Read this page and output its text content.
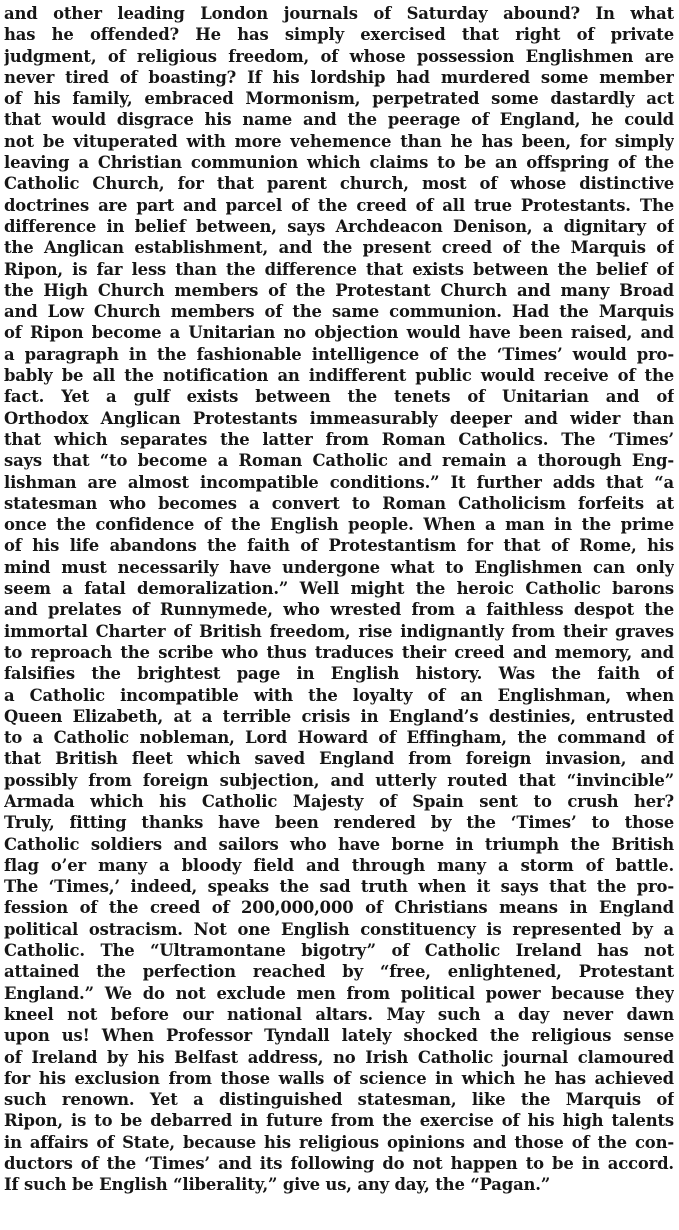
and other leading London journals of Saturday abound? In what
has he offended? He has simply exercised that right of private
judgment, of religious freedom, of whose possession Englishmen are
never tired of boasting? If his lordship had murdered some member
of his family, embraced Mormonism, perpetrated some dastardly act
that would disgrace his name and the peerage of England, he could
not be vituperated with more vehemence than he has been, for simply
leaving a Christian communion which claims to be an offspring of the
Catholic Church, for that parent church, most of whose distinctive
doctrines are part and parcel of the creed of all true Protestants. The
difference in belief between, says Archdeacon Denison, a dignitary of
the Anglican establishment, and the present creed of the Marquis of
Ripon, is far less than the difference that exists between the belief of
the High Church members of the Protestant Church and many Broad
and Low Church members of the same communion. Had the Marquis
of Ripon become a Unitarian no objection would have been raised, and
a paragraph in the fashionable intelligence of the ‘Times’ would pro-
bably be all the notification an indifferent public would receive of the
fact. Yet a gulf exists between the tenets of Unitarian and of
Orthodox Anglican Protestants immeasurably deeper and wider than
that which separates the latter from Roman Catholics. The ‘Times’
says that “to become a Roman Catholic and remain a thorough Eng-
lishman are almost incompatible conditions.” It further adds that “a
statesman who becomes a convert to Roman Catholicism forfeits at
once the confidence of the English people. When a man in the prime
of his life abandons the faith of Protestantism for that of Rome, his
mind must necessarily have undergone what to Englishmen can only
seem a fatal demoralization.” Well might the heroic Catholic barons
and prelates of Runnymede, who wrested from a faithless despot the
immortal Charter of British freedom, rise indignantly from their graves
to reproach the scribe who thus traduces their creed and memory, and
falsifies the brightest page in English history. Was the faith of
a Catholic incompatible with the loyalty of an Englishman, when
Queen Elizabeth, at a terrible crisis in England’s destinies, entrusted
to a Catholic nobleman, Lord Howard of Effingham, the command of
that British fleet which saved England from foreign invasion, and
possibly from foreign subjection, and utterly routed that “invincible”
Armada which his Catholic Majesty of Spain sent to crush her?
Truly, fitting thanks have been rendered by the ‘Times’ to those
Catholic soldiers and sailors who have borne in triumph the British
flag o’er many a bloody field and through many a storm of battle.
The ‘Times,’ indeed, speaks the sad truth when it says that the pro-
fession of the creed of 200,000,000 of Christians means in England
political ostracism. Not one English constituency is represented by a
Catholic. The “Ultramontane bigotry” of Catholic Ireland has not
attained the perfection reached by “free, enlightened, Protestant
England.” We do not exclude men from political power because they
kneel not before our national altars. May such a day never dawn
upon us! When Professor Tyndall lately shocked the religious sense
of Ireland by his Belfast address, no Irish Catholic journal clamoured
for his exclusion from those walls of science in which he has achieved
such renown. Yet a distinguished statesman, like the Marquis of
Ripon, is to be debarred in future from the exercise of his high talents
in affairs of State, because his religious opinions and those of the con-
ductors of the ‘Times’ and its following do not happen to be in accord.
If such be English “liberality,” give us, any day, the “Pagan.”
